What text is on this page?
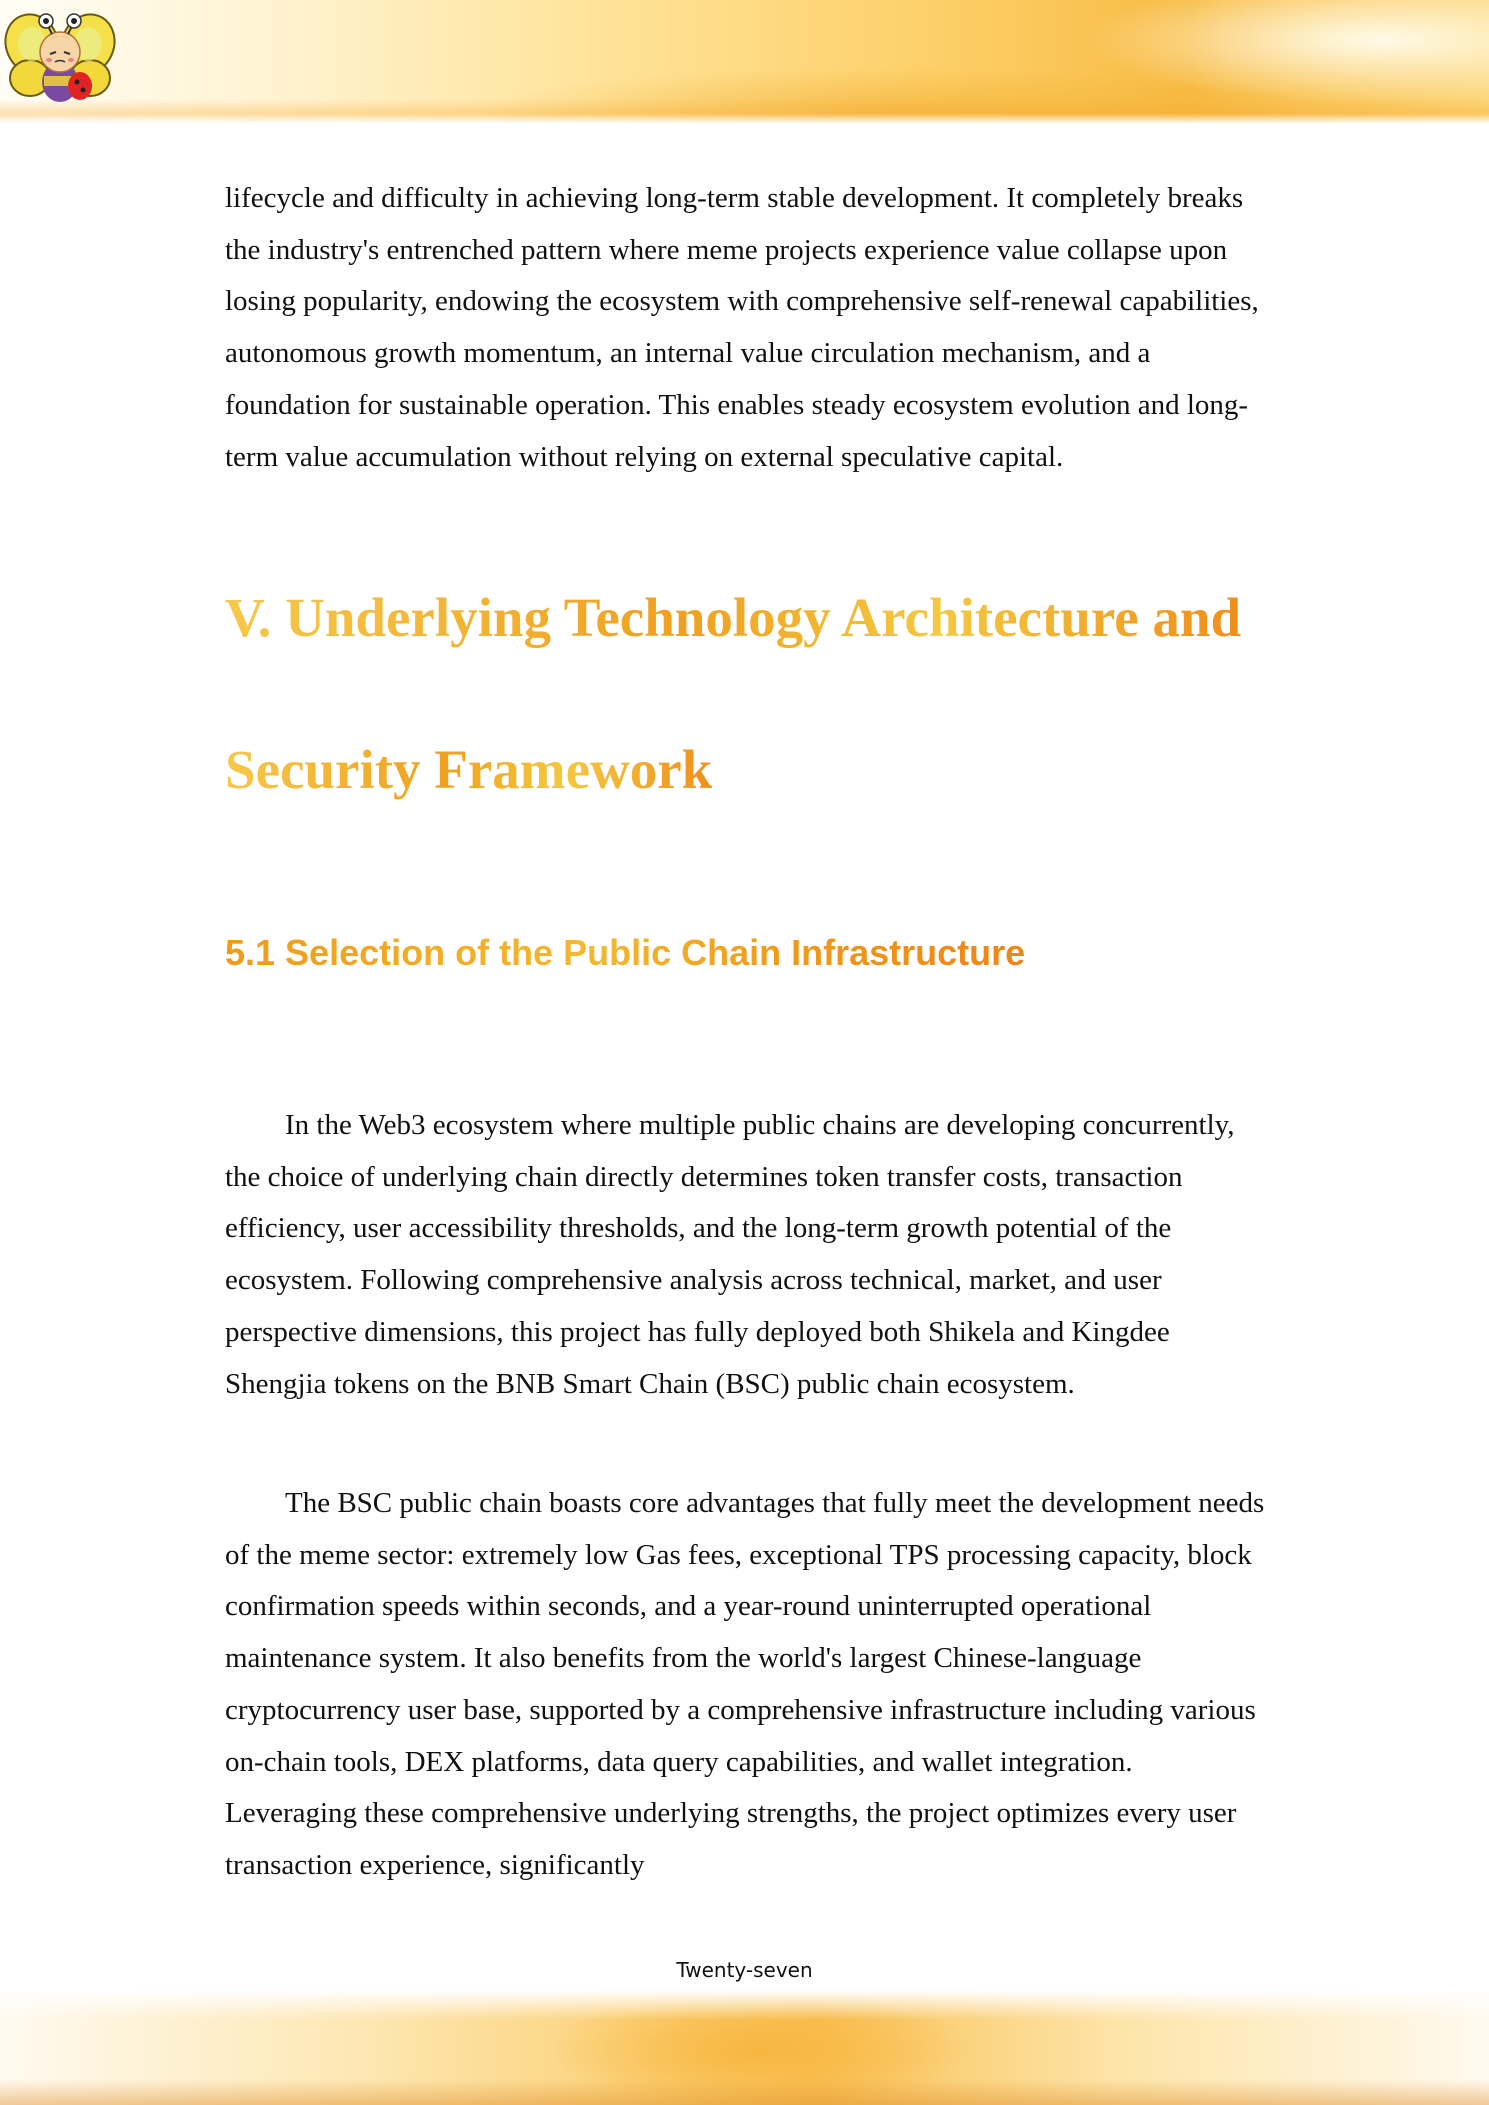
lifecycle and difficulty in achieving long-term stable development. It completely breaks the industry's entrenched pattern where meme projects experience value collapse upon losing popularity, endowing the ecosystem with comprehensive self-renewal capabilities, autonomous growth momentum, an internal value circulation mechanism, and a foundation for sustainable operation. This enables steady ecosystem evolution and long-term value accumulation without relying on external speculative capital.

V. Underlying Technology Architecture and
Security Framework
5.1 Selection of the Public Chain Infrastructure

In the Web3 ecosystem where multiple public chains are developing concurrently, the choice of underlying chain directly determines token transfer costs, transaction efficiency, user accessibility thresholds, and the long-term growth potential of the ecosystem. Following comprehensive analysis across technical, market, and user perspective dimensions, this project has fully deployed both Shikela and Kingdee Shengjia tokens on the BNB Smart Chain (BSC) public chain ecosystem.

The BSC public chain boasts core advantages that fully meet the development needs of the meme sector: extremely low Gas fees, exceptional TPS processing capacity, block confirmation speeds within seconds, and a year-round uninterrupted operational maintenance system. It also benefits from the world's largest Chinese-language cryptocurrency user base, supported by a comprehensive infrastructure including various on-chain tools, DEX platforms, data query capabilities, and wallet integration. Leveraging these comprehensive underlying strengths, the project optimizes every user transaction experience, significantly

Twenty-seven
